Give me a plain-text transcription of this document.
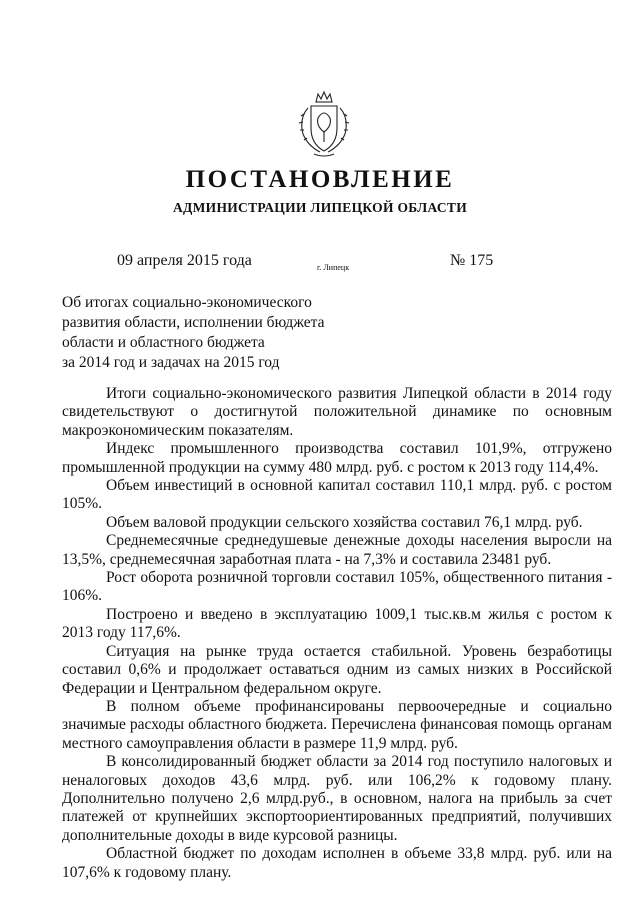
ПОСТАНОВЛЕНИЕ
АДМИНИСТРАЦИИ ЛИПЕЦКОЙ ОБЛАСТИ
09 апреля 2015 года	г. Липецк	№ 175
Об итогах социально-экономического
развития области, исполнении бюджета
области и областного бюджета
за 2014 год и задачах на 2015 год

Итоги социально-экономического развития Липецкой области в 2014 году свидетельствуют о достигнутой положительной динамике по основным макроэкономическим показателям.

Индекс промышленного производства составил 101,9%, отгружено промышленной продукции на сумму 480 млрд. руб. с ростом к 2013 году 114,4%.

Объем инвестиций в основной капитал составил 110,1 млрд. руб. с ростом 105%.

Объем валовой продукции сельского хозяйства составил 76,1 млрд. руб.

Среднемесячные среднедушевые денежные доходы населения выросли на 13,5%, среднемесячная заработная плата - на 7,3% и составила 23481 руб.

Рост оборота розничной торговли составил 105%, общественного питания - 106%.

Построено и введено в эксплуатацию 1009,1 тыс.кв.м жилья с ростом к 2013 году 117,6%.

Ситуация на рынке труда остается стабильной. Уровень безработицы составил 0,6% и продолжает оставаться одним из самых низких в Российской Федерации и Центральном федеральном округе.

В полном объеме профинансированы первоочередные и социально значимые расходы областного бюджета. Перечислена финансовая помощь органам местного самоуправления области в размере 11,9 млрд. руб.

В консолидированный бюджет области за 2014 год поступило налоговых и неналоговых доходов 43,6 млрд. руб. или 106,2% к годовому плану. Дополнительно получено 2,6 млрд.руб., в основном, налога на прибыль за счет платежей от крупнейших экспортоориентированных предприятий, получивших дополнительные доходы в виде курсовой разницы.

Областной бюджет по доходам исполнен в объеме 33,8 млрд. руб. или на 107,6% к годовому плану.
